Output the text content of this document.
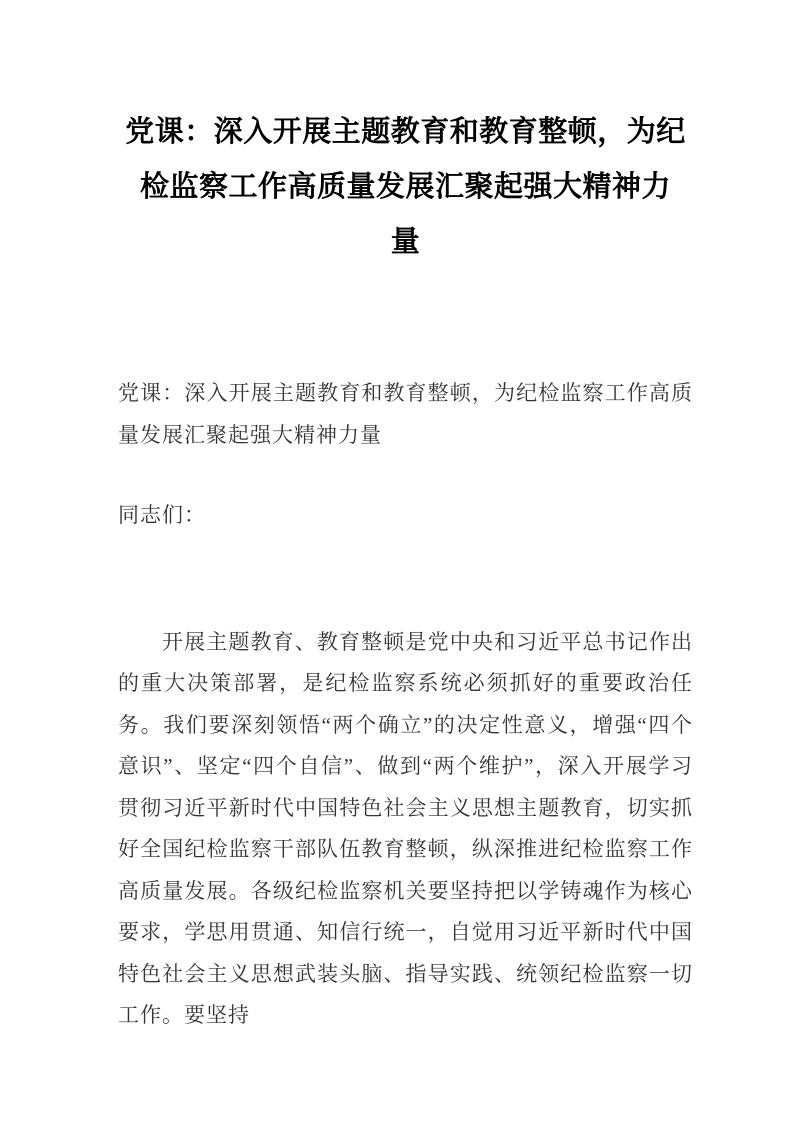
党课：深入开展主题教育和教育整顿，为纪
检监察工作高质量发展汇聚起强大精神力
量

党课：深入开展主题教育和教育整顿，为纪检监察工作高质量发展汇聚起强大精神力量

同志们：

开展主题教育、教育整顿是党中央和习近平总书记作出的重大决策部署，是纪检监察系统必须抓好的重要政治任务。我们要深刻领悟“两个确立”的决定性意义，增强“四个意识”、坚定“四个自信”、做到“两个维护”，深入开展学习贯彻习近平新时代中国特色社会主义思想主题教育，切实抓好全国纪检监察干部队伍教育整顿，纵深推进纪检监察工作高质量发展。各级纪检监察机关要坚持把以学铸魂作为核心要求，学思用贯通、知信行统一，自觉用习近平新时代中国特色社会主义思想武装头脑、指导实践、统领纪检监察一切工作。要坚持
